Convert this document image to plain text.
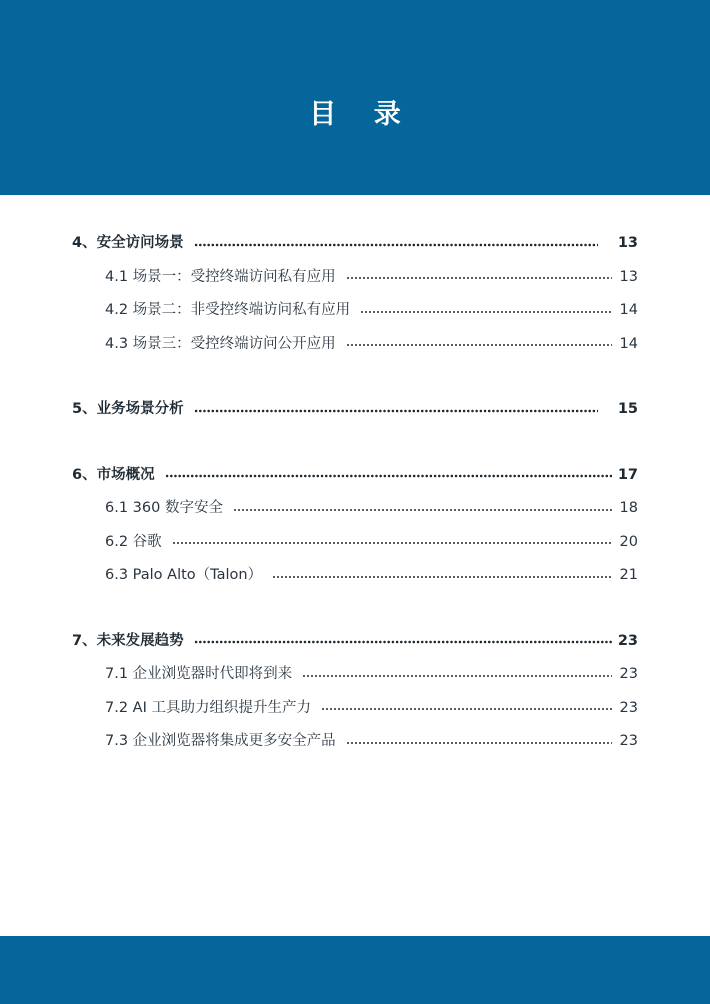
目 录
4、安全访问场景	13
4.1 场景一：受控终端访问私有应用	13
4.2 场景二：非受控终端访问私有应用	14
4.3 场景三：受控终端访问公开应用	14
5、业务场景分析	15
6、市场概况	17
6.1 360 数字安全	18
6.2 谷歌	20
6.3 Palo Alto（Talon）	21
7、未来发展趋势	23
7.1 企业浏览器时代即将到来	23
7.2 AI 工具助力组织提升生产力	23
7.3 企业浏览器将集成更多安全产品	23
